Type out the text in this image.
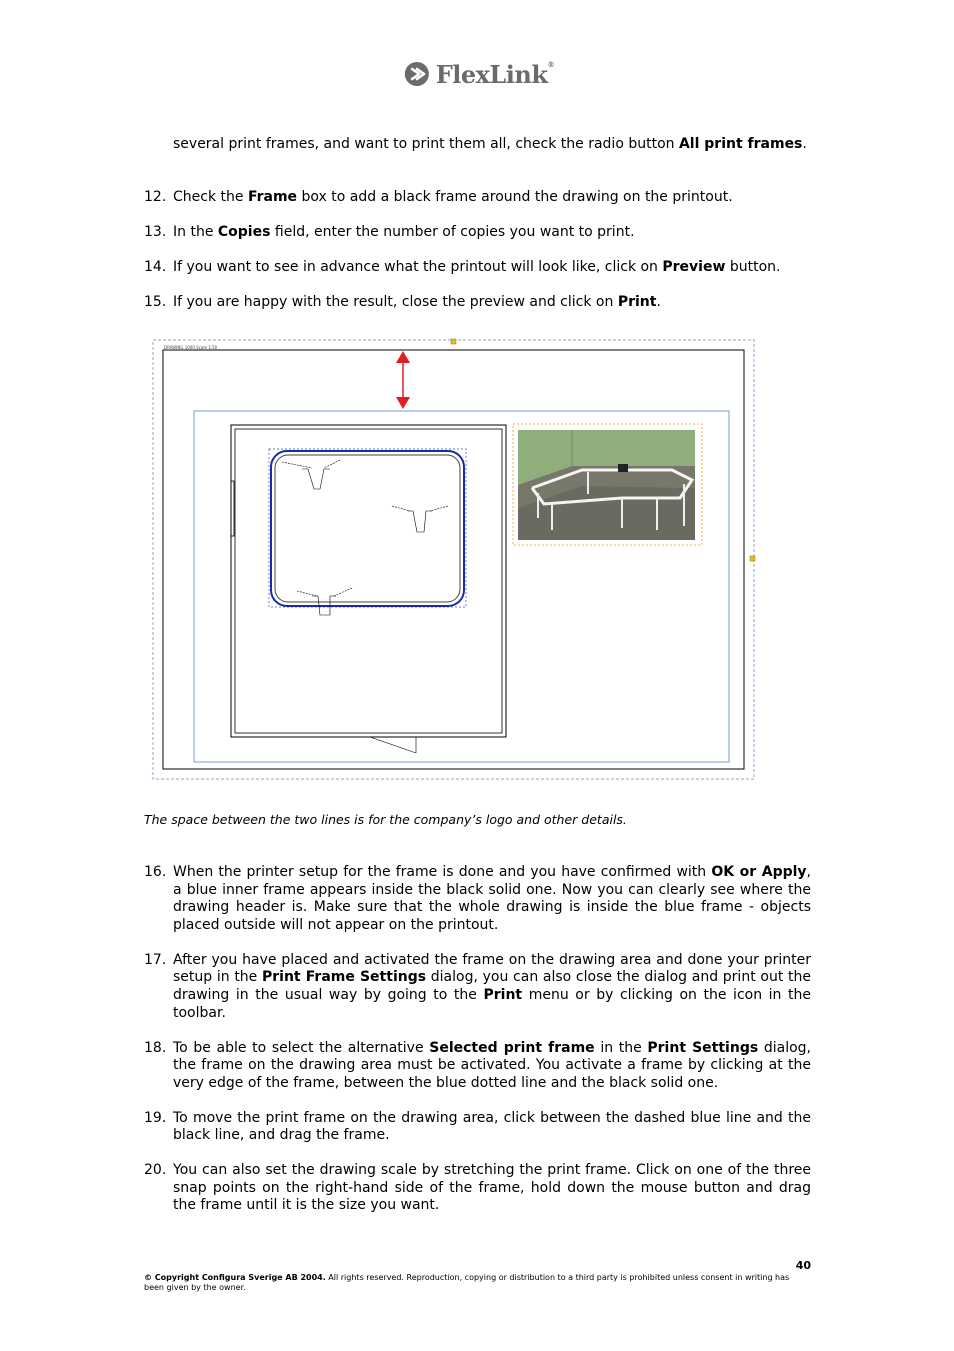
FlexLink®
several print frames, and want to print them all, check the radio button All print frames.
12. Check the Frame box to add a black frame around the drawing on the printout.
13. In the Copies field, enter the number of copies you want to print.
14. If you want to see in advance what the printout will look like, click on Preview button.
15. If you are happy with the result, close the preview and click on Print.
DRAWING 1000 Scale 1:50
The space between the two lines is for the company’s logo and other details.
16. When the printer setup for the frame is done and you have confirmed with OK or Apply, a blue inner frame appears inside the black solid one. Now you can clearly see where the drawing header is. Make sure that the whole drawing is inside the blue frame - objects placed outside will not appear on the printout.
17. After you have placed and activated the frame on the drawing area and done your printer setup in the Print Frame Settings dialog, you can also close the dialog and print out the drawing in the usual way by going to the Print menu or by clicking on the icon in the toolbar.
18. To be able to select the alternative Selected print frame in the Print Settings dialog, the frame on the drawing area must be activated. You activate a frame by clicking at the very edge of the frame, between the blue dotted line and the black solid one.
19. To move the print frame on the drawing area, click between the dashed blue line and the black line, and drag the frame.
20. You can also set the drawing scale by stretching the print frame. Click on one of the three snap points on the right-hand side of the frame, hold down the mouse button and drag the frame until it is the size you want.
40
© Copyright Configura Sverige AB 2004. All rights reserved. Reproduction, copying or distribution to a third party is prohibited unless consent in writing has been given by the owner.
